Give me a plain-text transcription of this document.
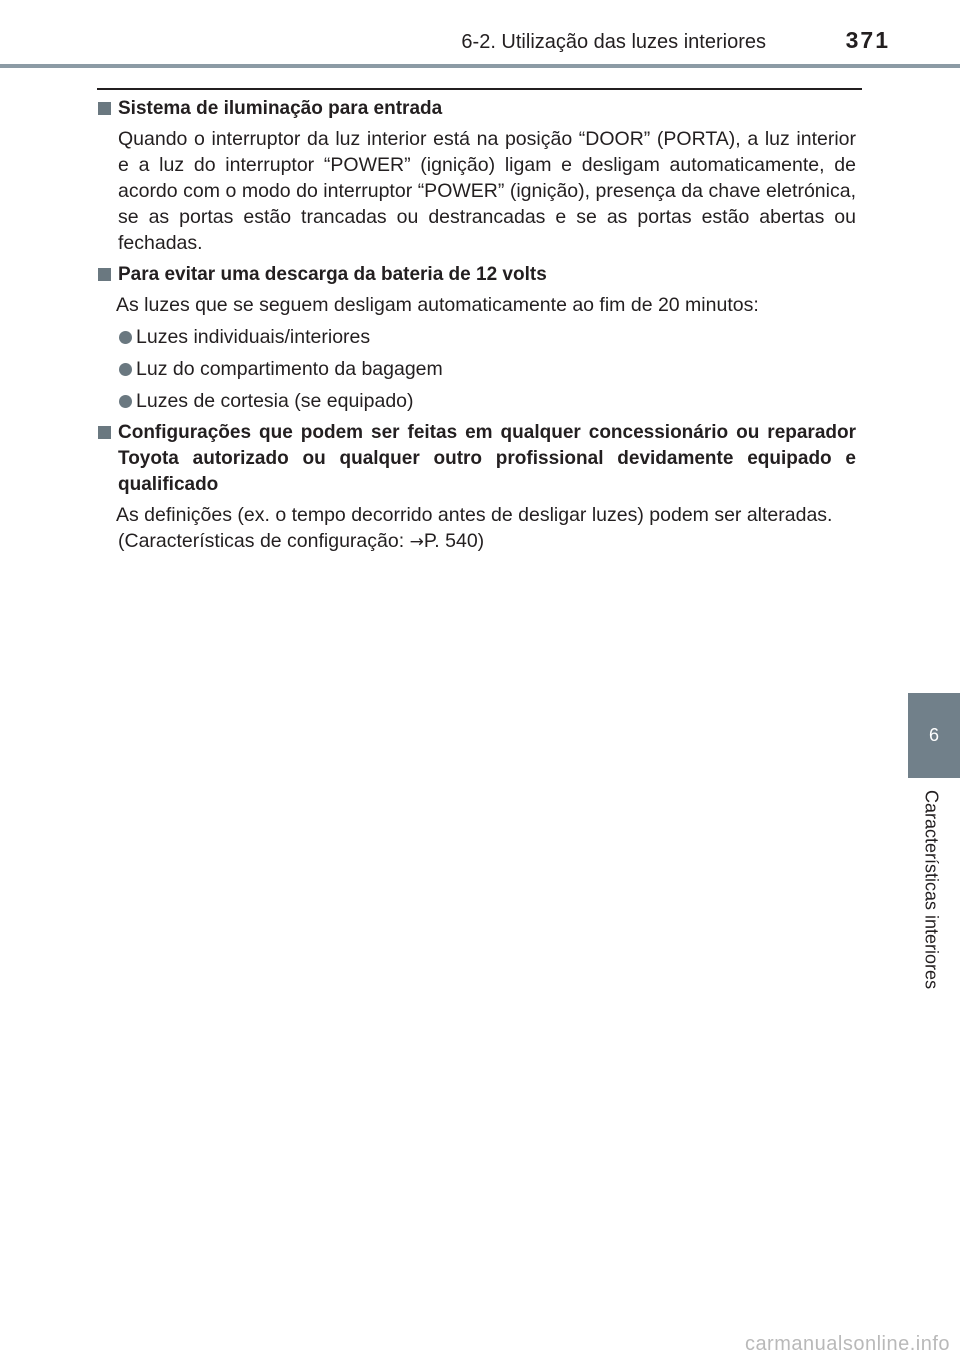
6-2. Utilização das luzes interiores	371
6
Características interiores
Sistema de iluminação para entrada
Quando o interruptor da luz interior está na posição “DOOR” (PORTA), a luz interior e a luz do interruptor “POWER” (ignição) ligam e desligam automaticamente, de acordo com o modo do interruptor “POWER” (ignição), presença da chave eletrónica, se as portas estão trancadas ou destrancadas e se as portas estão abertas ou fechadas.
Para evitar uma descarga da bateria de 12 volts
As luzes que se seguem desligam automaticamente ao fim de 20 minutos:
Luzes individuais/interiores
Luz do compartimento da bagagem
Luzes de cortesia (se equipado)
Configurações que podem ser feitas em qualquer concessionário ou reparador Toyota autorizado ou qualquer outro profissional devidamente equipado e qualificado
As definições (ex. o tempo decorrido antes de desligar luzes) podem ser alteradas.
(Características de configuração: →P. 540)
carmanualsonline.info
